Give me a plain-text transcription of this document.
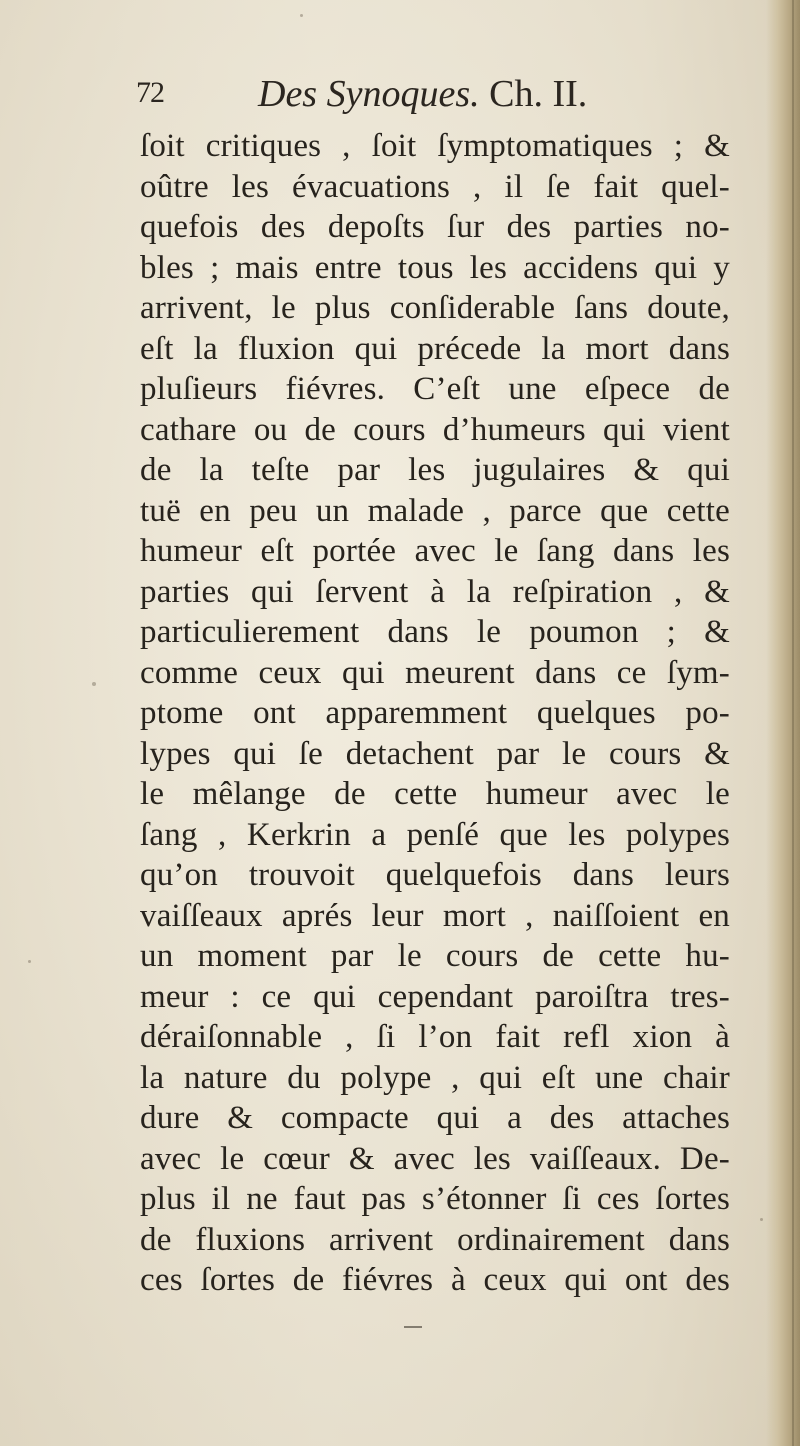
72 Des Synoques. Ch. II.
ſoit critiques , ſoit ſymptomatiques ; &
oûtre les évacuations , il ſe fait quel-
quefois des depoſts ſur des parties no-
bles ; mais entre tous les accidens qui y
arrivent, le plus conſiderable ſans doute,
eſt la fluxion qui précede la mort dans
pluſieurs fiévres. C’eſt une eſpece de
cathare ou de cours d’humeurs qui vient
de la teſte par les jugulaires & qui
tuë en peu un malade , parce que cette
humeur eſt portée avec le ſang dans les
parties qui ſervent à la reſpiration , &
particulierement dans le poumon ; &
comme ceux qui meurent dans ce ſym-
ptome ont apparemment quelques po-
lypes qui ſe detachent par le cours &
le mêlange de cette humeur avec le
ſang , Kerkrin a penſé que les polypes
qu’on trouvoit quelquefois dans leurs
vaiſſeaux aprés leur mort , naiſſoient en
un moment par le cours de cette hu-
meur : ce qui cependant paroiſtra tres-
déraiſonnable , ſi l’on fait refl xion à
la nature du polype , qui eſt une chair
dure & compacte qui a des attaches
avec le cœur & avec les vaiſſeaux. De-
plus il ne faut pas s’étonner ſi ces ſortes
de fluxions arrivent ordinairement dans
ces ſortes de fiévres à ceux qui ont des
